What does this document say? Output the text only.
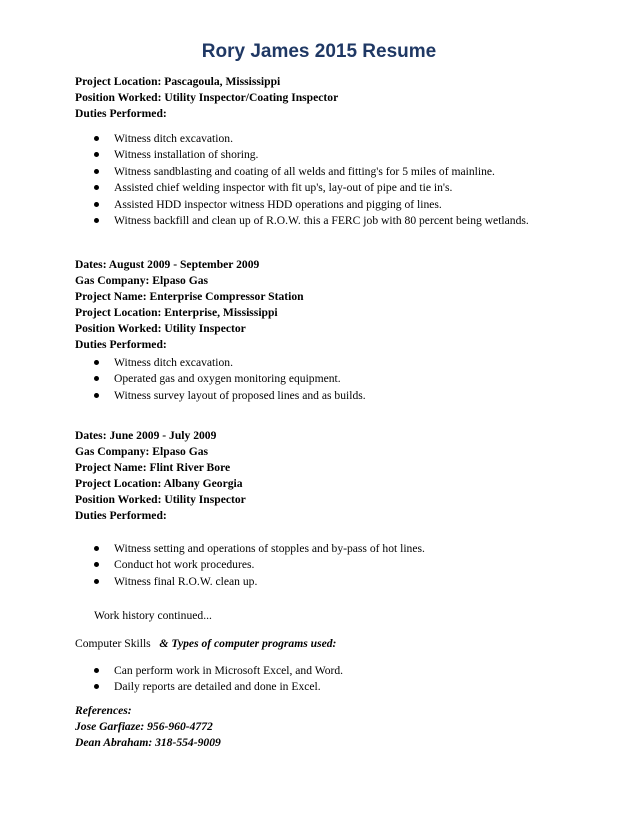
Rory James 2015 Resume
Project Location: Pascagoula, Mississippi
Position Worked: Utility Inspector/Coating Inspector
Duties Performed:
Witness ditch excavation.
Witness installation of shoring.
Witness sandblasting and coating of all welds and fitting's for 5 miles of mainline.
Assisted chief welding inspector with fit up's, lay-out of pipe and tie in's.
Assisted HDD inspector witness HDD operations and pigging of lines.
Witness backfill and clean up of R.O.W. this a FERC job with 80 percent being wetlands.
Dates: August 2009 - September 2009
Gas Company: Elpaso Gas
Project Name: Enterprise Compressor Station
Project Location: Enterprise, Mississippi
Position Worked: Utility Inspector
Duties Performed:
Witness ditch excavation.
Operated gas and oxygen monitoring equipment.
Witness survey layout of proposed lines and as builds.
Dates: June 2009 - July 2009
Gas Company: Elpaso Gas
Project Name: Flint River Bore
Project Location: Albany Georgia
Position Worked: Utility Inspector
Duties Performed:
Witness setting and operations of stopples and by-pass of hot lines.
Conduct hot work procedures.
Witness final R.O.W. clean up.
Work history continued...
Computer Skills & Types of computer programs used:
Can perform work in Microsoft Excel, and Word.
Daily reports are detailed and done in Excel.
References:
Jose Garfiaze: 956-960-4772
Dean Abraham: 318-554-9009
